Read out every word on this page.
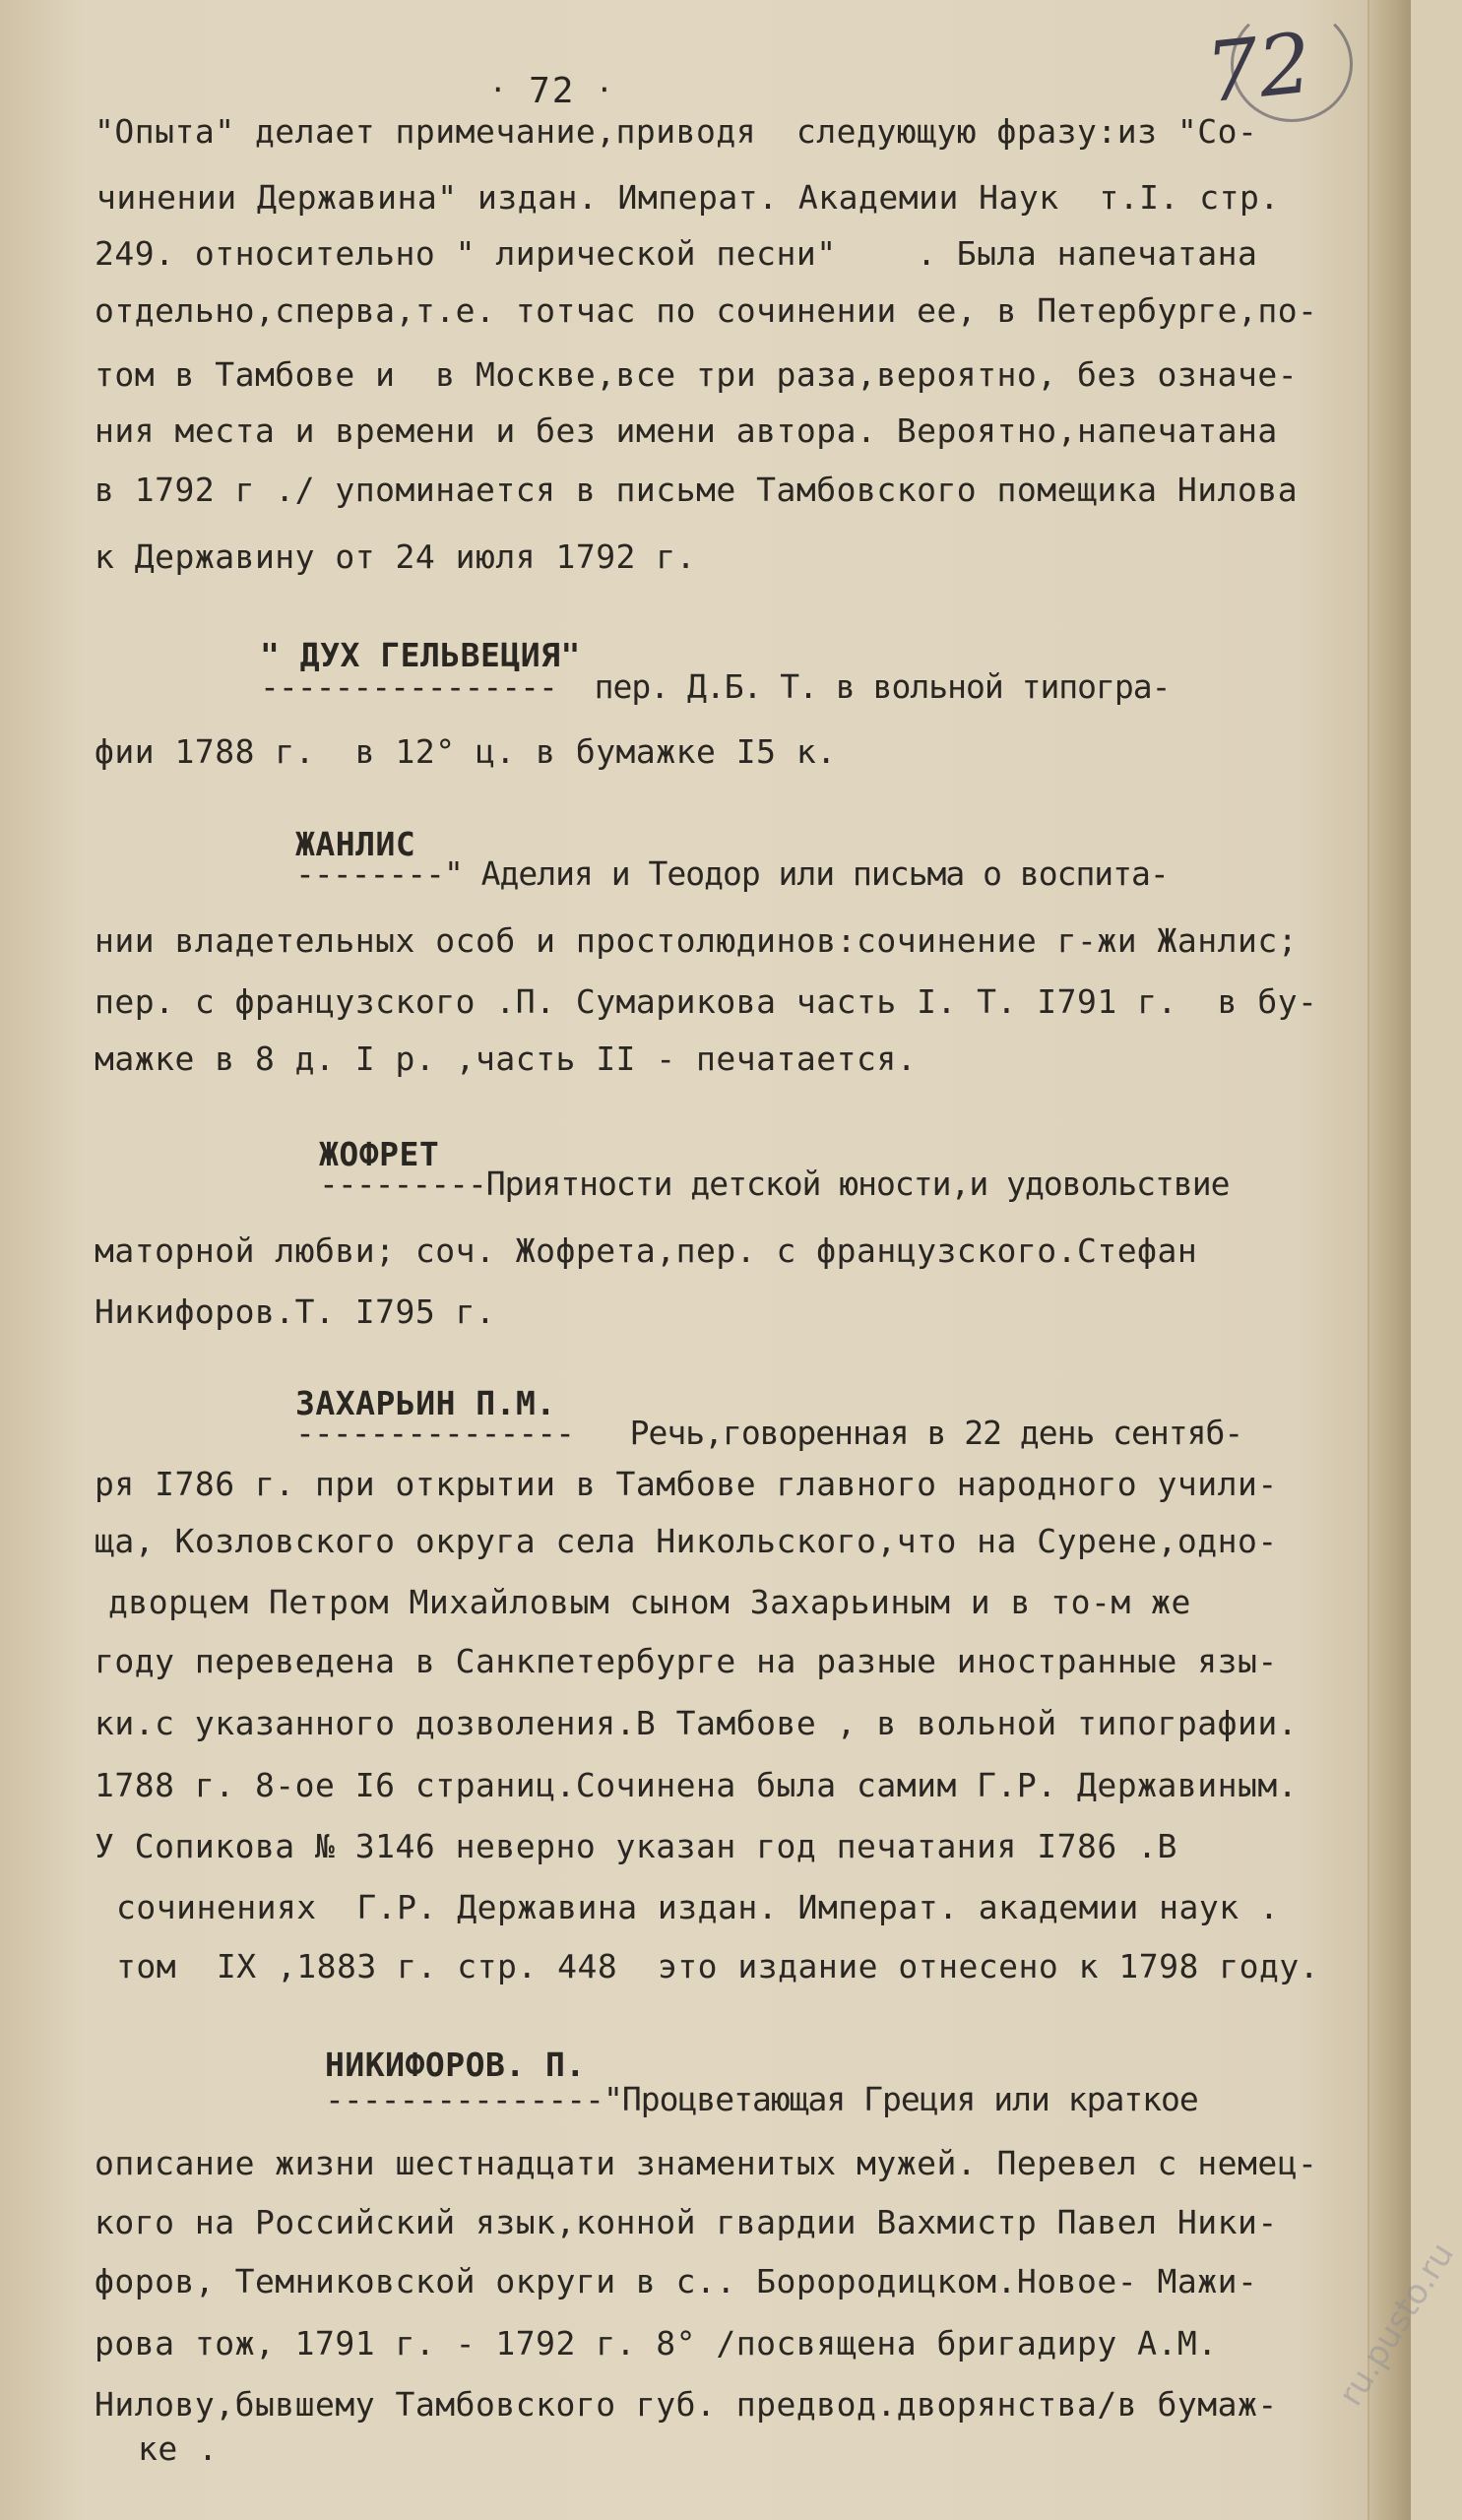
72
‧ 72 ‧
"Опыта" делает примечание,приводя  следующую фразу:из "Со-
чинении Державина" издан. Императ. Академии Наук  т.I. стр.
249. относительно " лирической песни"    . Была напечатана
отдельно,сперва,т.е. тотчас по сочинении ее, в Петербурге,по-
том в Тамбове и  в Москве,все три раза,вероятно, без означе-
ния места и времени и без имени автора. Вероятно,напечатана
в 1792 г ./ упоминается в письме Тамбовского помещика Нилова
к Державину от 24 июля 1792 г.
" ДУХ ГЕЛЬВЕЦИЯ"
----------------  пер. Д.Б. Т. в вольной типогра-
фии 1788 г.  в 12° ц. в бумажке I5 к.
ЖАНЛИС
--------" Аделия и Теодор или письма о воспита-
нии владетельных особ и простолюдинов:сочинение г-жи Жанлис;
пер. с французского .П. Сумарикова часть I. Т. I791 г.  в бу-
мажке в 8 д. I р. ,часть II - печатается.
ЖОФРЕТ
---------Приятности детской юности,и удовольствие
маторной любви; соч. Жофрета,пер. с французского.Стефан
Никифоров.Т. I795 г.
ЗАХАРЬИН П.М.
---------------   Речь,говоренная в 22 день сентяб-
ря I786 г. при открытии в Тамбове главного народного учили-
ща, Козловского округа села Никольского,что на Сурене,одно-
дворцем Петром Михайловым сыном Захарьиным и в то-м же
году переведена в Санкпетербурге на разные иностранные язы-
ки.с указанного дозволения.В Тамбове , в вольной типографии.
1788 г. 8-ое I6 страниц.Сочинена была самим Г.Р. Державиным.
У Сопикова № 3146 неверно указан год печатания I786 .В
сочинениях  Г.Р. Державина издан. Императ. академии наук .
том  IX ,1883 г. стр. 448  это издание отнесено к 1798 году.
НИКИФОРОВ. П.
---------------"Процветающая Греция или краткое
описание жизни шестнадцати знаменитых мужей. Перевел с немец-
кого на Российский язык,конной гвардии Вахмистр Павел Ники-
форов, Темниковской округи в с.. Борородицком.Новое- Мажи-
рова тож, 1791 г. - 1792 г. 8° /посвящена бригадиру А.М.
Нилову,бывшему Тамбовского губ. предвод.дворянства/в бумаж-
ке .
ru.pusto.ru
